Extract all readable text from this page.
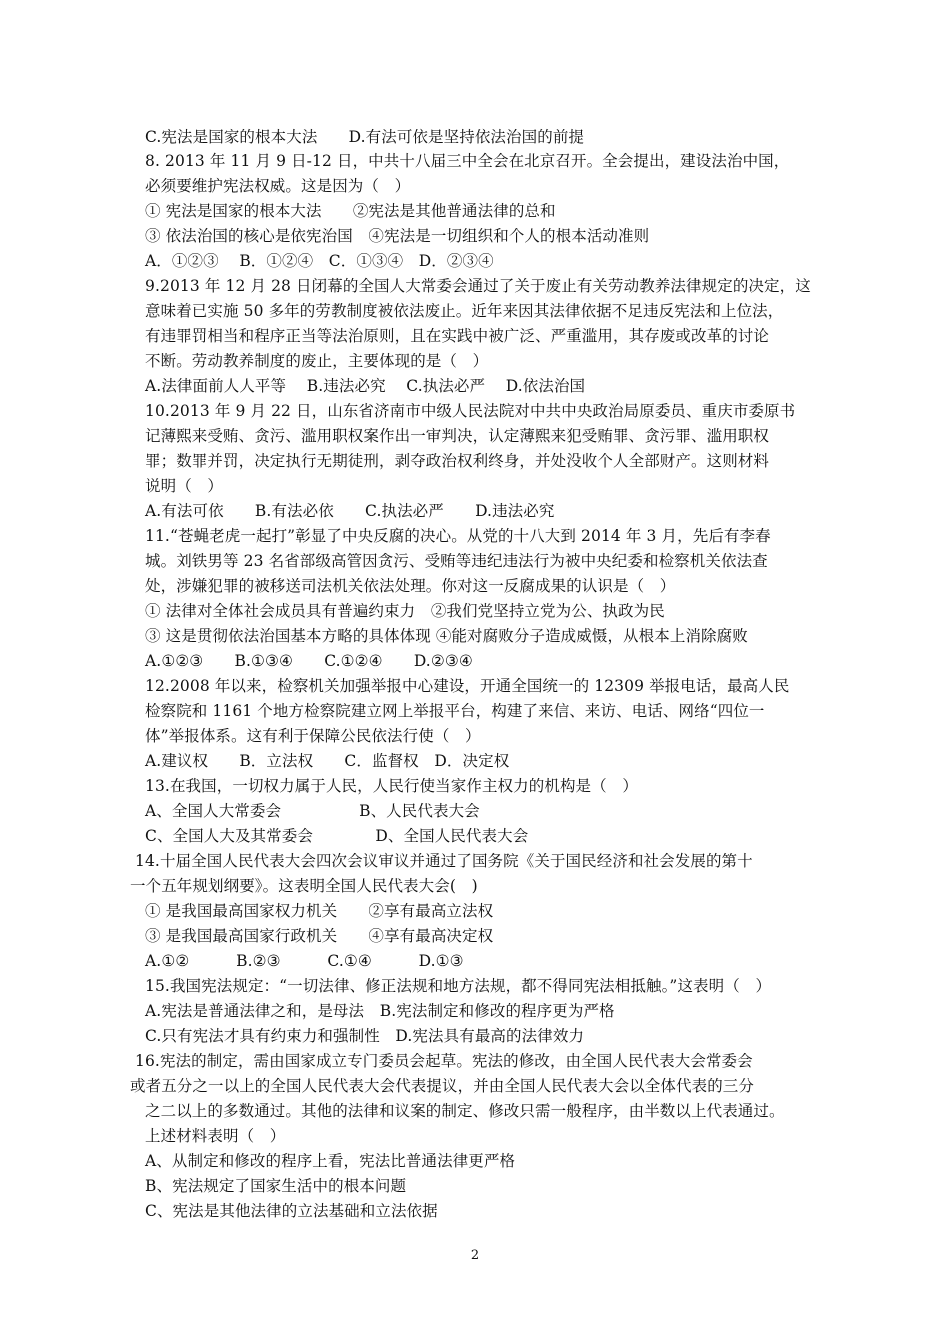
C.宪法是国家的根本大法　　D.有法可依是坚持依法治国的前提
8. 2013 年 11 月 9 日-12 日，中共十八届三中全会在北京召开。全会提出，建设法治中国，
必须要维护宪法权威。这是因为（　）
① 宪法是国家的根本大法　　②宪法是其他普通法律的总和
③ 依法治国的核心是依宪治国　④宪法是一切组织和个人的根本活动准则
A．①②③　 B．①②④　C．①③④　D．②③④
9.2013 年 12 月 28 日闭幕的全国人大常委会通过了关于废止有关劳动教养法律规定的决定，这
意味着已实施 50 多年的劳教制度被依法废止。近年来因其法律依据不足违反宪法和上位法，
有违罪罚相当和程序正当等法治原则，且在实践中被广泛、严重滥用，其存废或改革的讨论
不断。劳动教养制度的废止，主要体现的是（　）
A.法律面前人人平等　 B.违法必究　 C.执法必严　 D.依法治国
10.2013 年 9 月 22 日，山东省济南市中级人民法院对中共中央政治局原委员、重庆市委原书
记薄熙来受贿、贪污、滥用职权案作出一审判决，认定薄熙来犯受贿罪、贪污罪、滥用职权
罪；数罪并罚，决定执行无期徒刑，剥夺政治权利终身，并处没收个人全部财产。这则材料
说明（　）
A.有法可依　　B.有法必依　　C.执法必严　　D.违法必究
11.“苍蝇老虎一起打”彰显了中央反腐的决心。从党的十八大到 2014 年 3 月，先后有李春
城。刘铁男等 23 名省部级高管因贪污、受贿等违纪违法行为被中央纪委和检察机关依法查
处，涉嫌犯罪的被移送司法机关依法处理。你对这一反腐成果的认识是（　）
① 法律对全体社会成员具有普遍约束力　②我们党坚持立党为公、执政为民
③ 这是贯彻依法治国基本方略的具体体现 ④能对腐败分子造成威慑，从根本上消除腐败
A.①②③　　B.①③④　　C.①②④　　D.②③④
12.2008 年以来，检察机关加强举报中心建设，开通全国统一的 12309 举报电话，最高人民
检察院和 1161 个地方检察院建立网上举报平台，构建了来信、来访、电话、网络“四位一
体”举报体系。这有利于保障公民依法行使（　）
A.建议权　　B．立法权　　C．监督权　D．决定权
13.在我国，一切权力属于人民，人民行使当家作主权力的机构是（　）
A、全国人大常委会　　　　　B、人民代表大会
C、全国人大及其常委会　　　　D、全国人民代表大会
14.十届全国人民代表大会四次会议审议并通过了国务院《关于国民经济和社会发展的第十
一个五年规划纲要》。这表明全国人民代表大会(　)
① 是我国最高国家权力机关　　②享有最高立法权
③ 是我国最高国家行政机关　　④享有最高决定权
A.①②　　　B.②③　　　C.①④　　　D.①③
15.我国宪法规定：“一切法律、修正法规和地方法规，都不得同宪法相抵触。”这表明（　）
A.宪法是普通法律之和，是母法　B.宪法制定和修改的程序更为严格
C.只有宪法才具有约束力和强制性　D.宪法具有最高的法律效力
16.宪法的制定，需由国家成立专门委员会起草。宪法的修改，由全国人民代表大会常委会
或者五分之一以上的全国人民代表大会代表提议，并由全国人民代表大会以全体代表的三分
之二以上的多数通过。其他的法律和议案的制定、修改只需一般程序，由半数以上代表通过。
上述材料表明（　）
A、从制定和修改的程序上看，宪法比普通法律更严格
B、宪法规定了国家生活中的根本问题
C、宪法是其他法律的立法基础和立法依据
2
